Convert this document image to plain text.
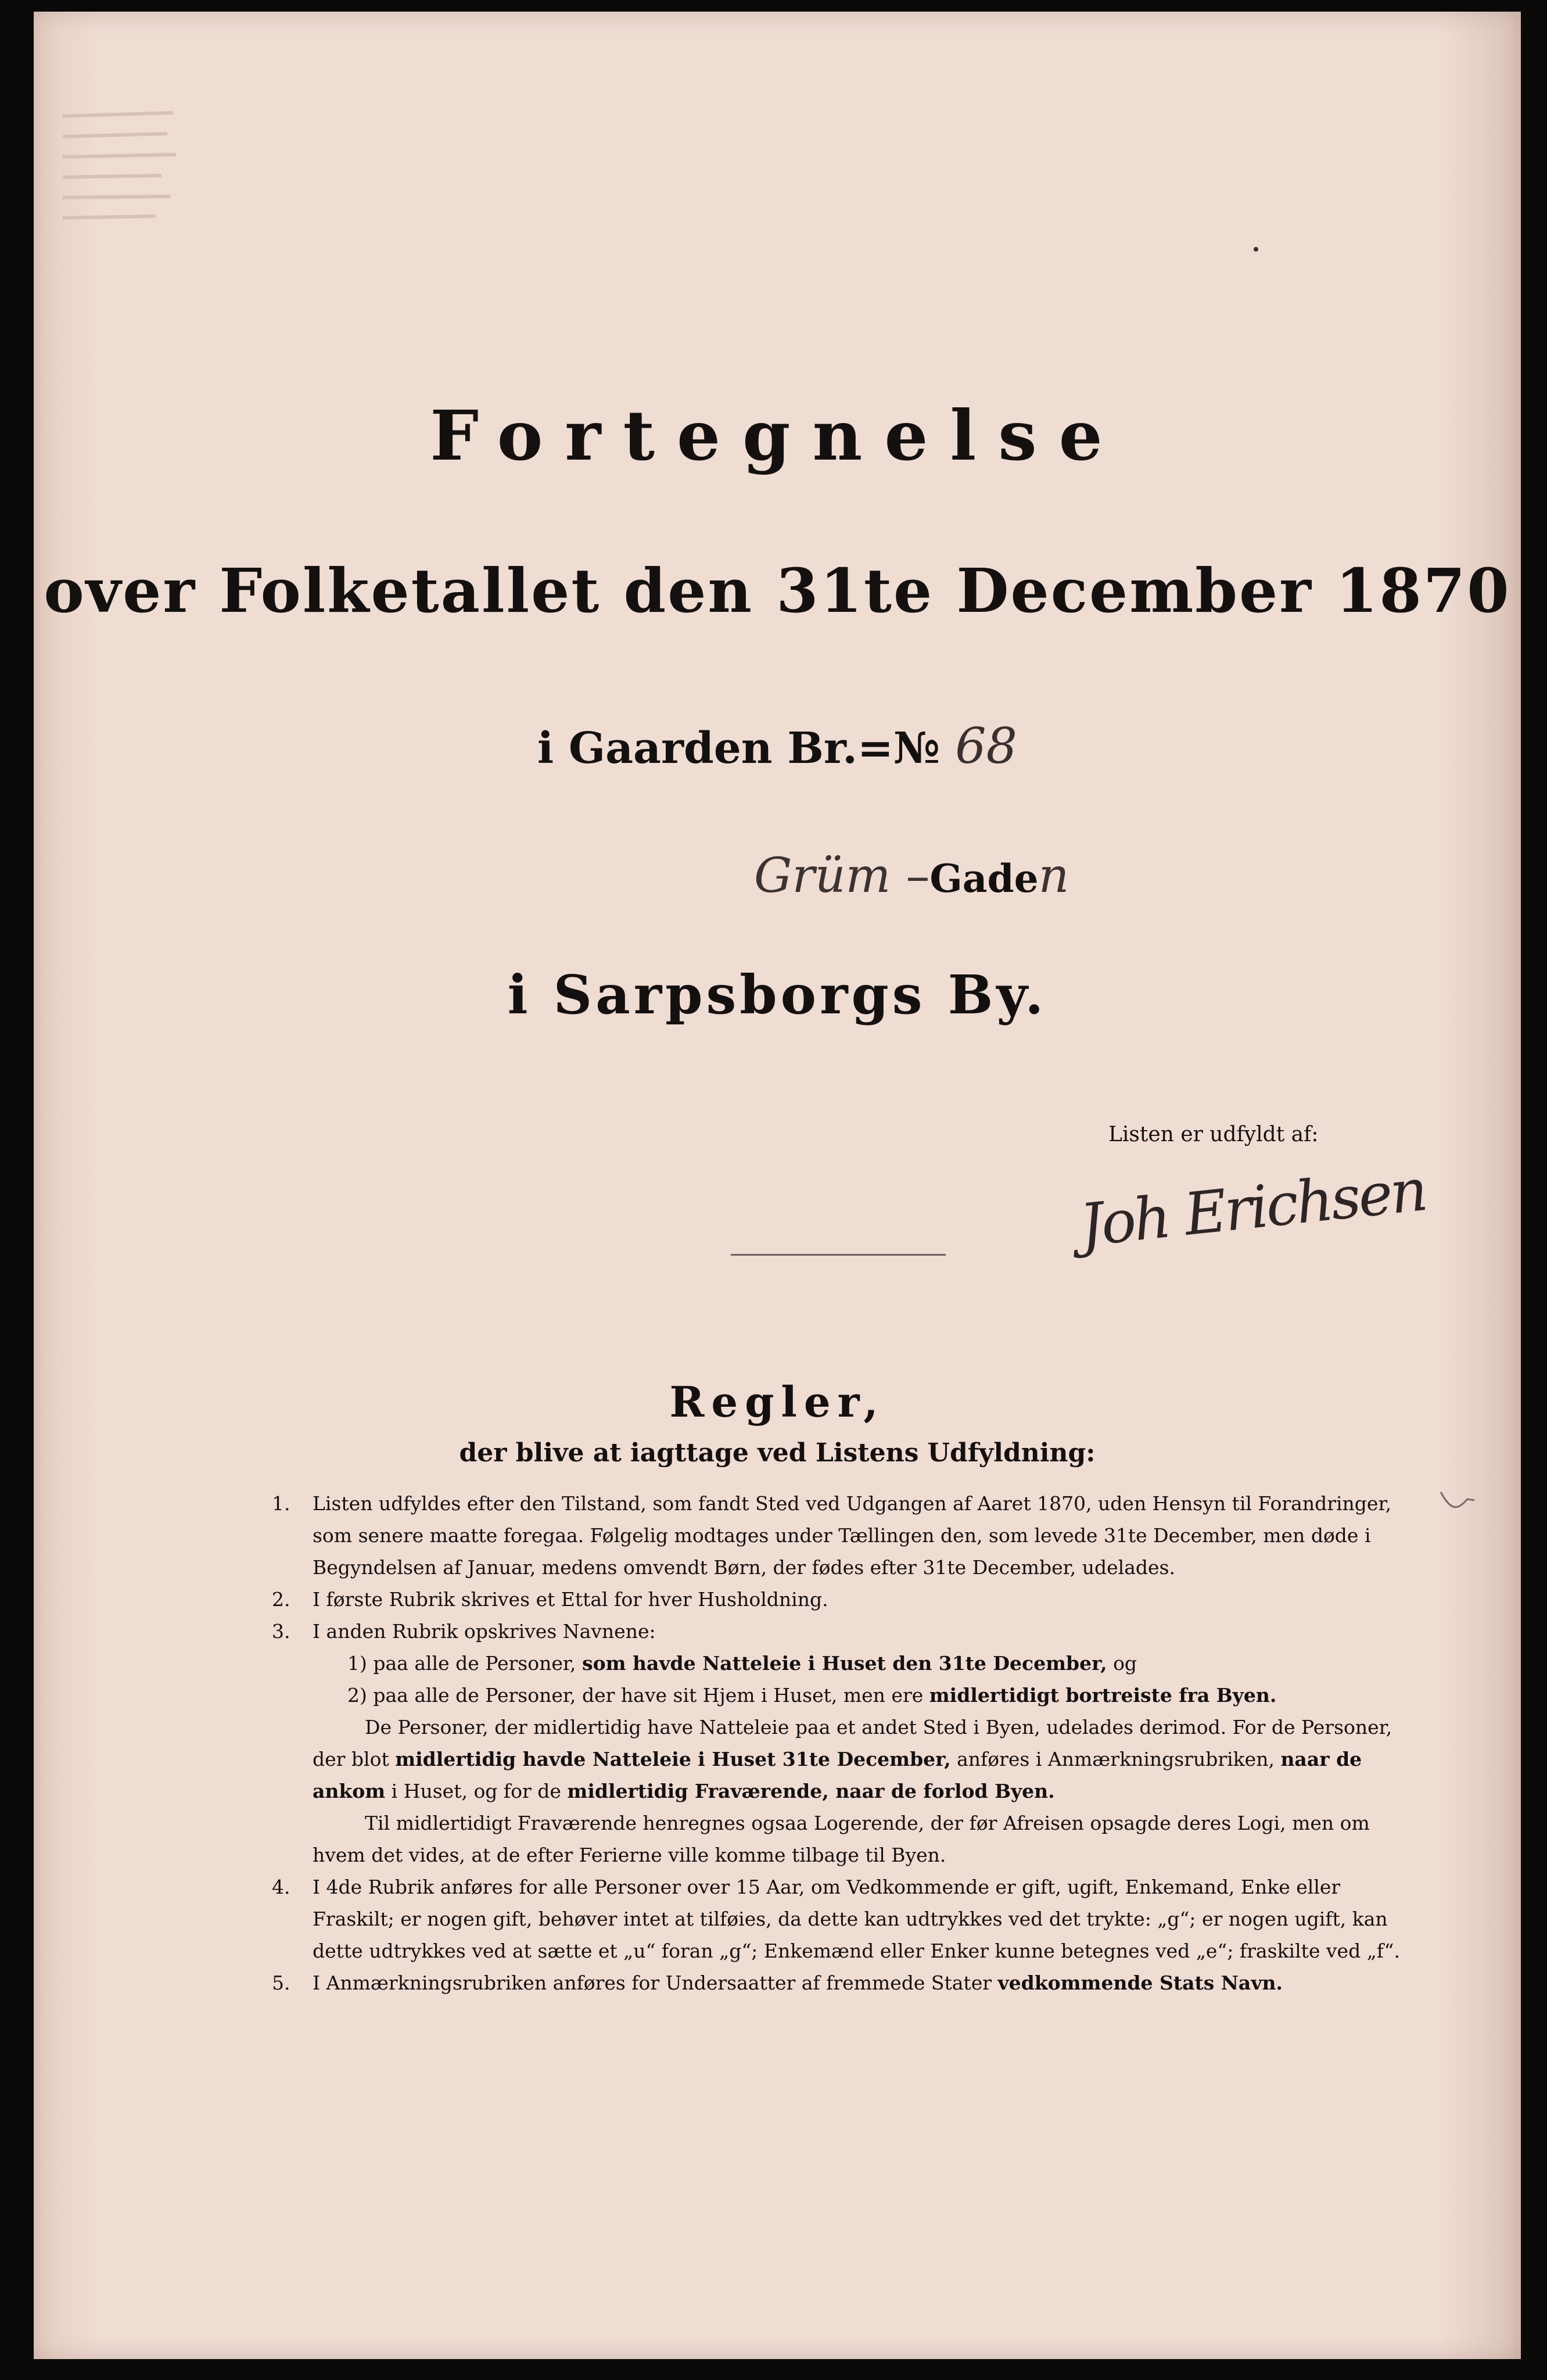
Fortegnelse
over Folketallet den 31te December 1870
i Gaarden Br.=№ 68
Grüm –Gaden
i Sarpsborgs By.
Listen er udfyldt af:
Joh Erichsen
Regler,
der blive at iagttage ved Listens Udfyldning:
1. Listen udfyldes efter den Tilstand, som fandt Sted ved Udgangen af Aaret 1870, uden Hensyn til Forandringer, som senere maatte foregaa. Følgelig modtages under Tællingen den, som levede 31te December, men døde i Begyndelsen af Januar, medens omvendt Børn, der fødes efter 31te December, udelades.
2. I første Rubrik skrives et Ettal for hver Husholdning.
3. I anden Rubrik opskrives Navnene:
1) paa alle de Personer, som havde Natteleie i Huset den 31te December, og
2) paa alle de Personer, der have sit Hjem i Huset, men ere midlertidigt bortreiste fra Byen.
De Personer, der midlertidig have Natteleie paa et andet Sted i Byen, udelades derimod. For de Personer, der blot midlertidig havde Natteleie i Huset 31te December, anføres i Anmærkningsrubriken, naar de ankom i Huset, og for de midlertidig Fraværende, naar de forlod Byen.
Til midlertidigt Fraværende henregnes ogsaa Logerende, der før Afreisen opsagde deres Logi, men om hvem det vides, at de efter Ferierne ville komme tilbage til Byen.
4. I 4de Rubrik anføres for alle Personer over 15 Aar, om Vedkommende er gift, ugift, Enkemand, Enke eller Fraskilt; er nogen gift, behøver intet at tilføies, da dette kan udtrykkes ved det trykte: „g“; er nogen ugift, kan dette udtrykkes ved at sætte et „u“ foran „g“; Enkemænd eller Enker kunne betegnes ved „e“; fraskilte ved „f“.
5. I Anmærkningsrubriken anføres for Undersaatter af fremmede Stater vedkommende Stats Navn.
